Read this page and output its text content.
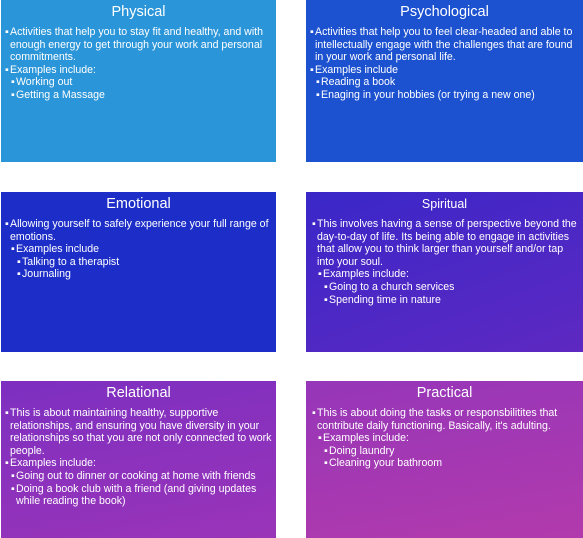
Physical
▪ Activities that help you to stay fit and healthy, and with enough energy to get through your work and personal commitments.
▪ Examples include:
▪ Working out
▪ Getting a Massage
Psychological
▪ Activities that help you to feel clear-headed and able to intellectually engage with the challenges that are found in your work and personal life.
▪ Examples include
▪ Reading a book
▪ Enaging in your hobbies (or trying a new one)
Emotional
▪ Allowing yourself to safely experience your full range of emotions.
▪ Examples include
▪ Talking to a therapist
▪ Journaling
Spiritual
▪ This involves having a sense of perspective beyond the day-to-day of life. Its being able to engage in activities that allow you to think larger than yourself and/or tap into your soul.
▪ Examples include:
▪ Going to a church services
▪ Spending time in nature
Relational
▪ This is about maintaining healthy, supportive relationships, and ensuring you have diversity in your relationships so that you are not only connected to work people.
▪ Examples include:
▪ Going out to dinner or cooking at home with friends
▪ Doing a book club with a friend (and giving updates while reading the book)
Practical
▪ This is about doing the tasks or responsbilitites that contribute daily functioning. Basically, it's adulting.
▪ Examples include:
▪ Doing laundry
▪ Cleaning your bathroom
